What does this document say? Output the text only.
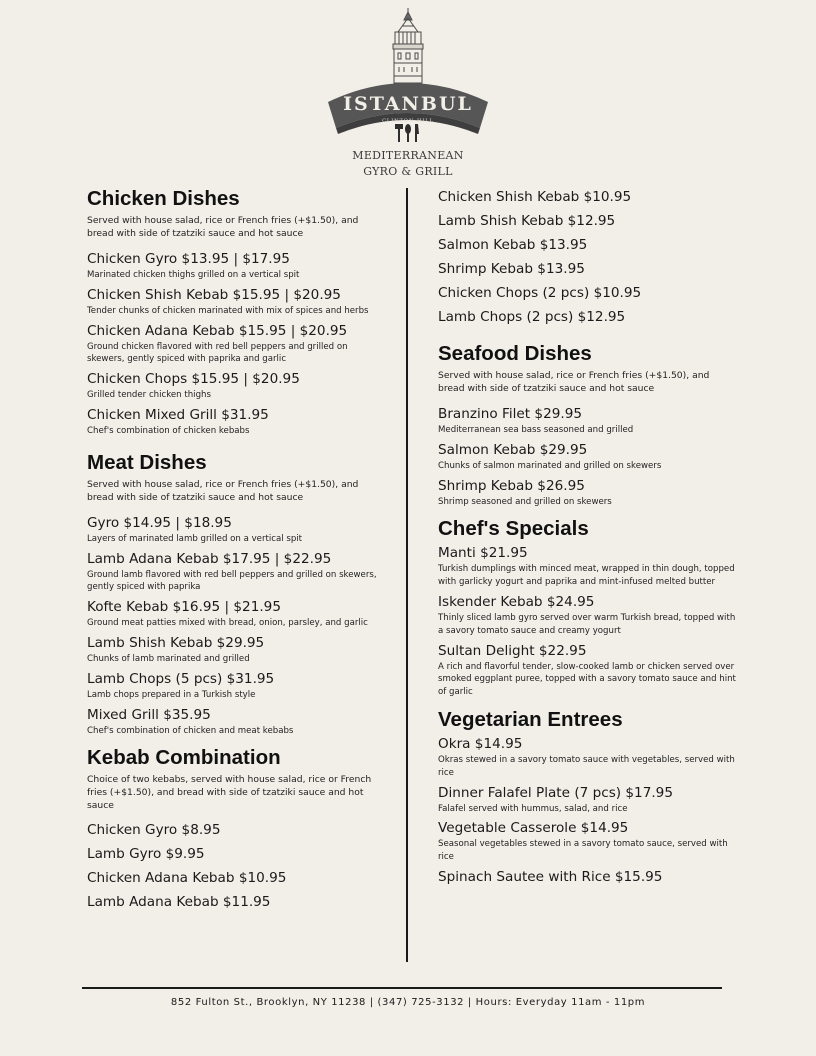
ISTANBUL
CLINTON HILL
MEDITERRANEAN
GYRO & GRILL
Chicken Dishes

Served with house salad, rice or French fries (+$1.50), and bread with side of tzatziki sauce and hot sauce

Chicken Gyro $13.95 | $17.95

Marinated chicken thighs grilled on a vertical spit

Chicken Shish Kebab $15.95 | $20.95

Tender chunks of chicken marinated with mix of spices and herbs

Chicken Adana Kebab $15.95 | $20.95

Ground chicken flavored with red bell peppers and grilled on skewers, gently spiced with paprika and garlic

Chicken Chops $15.95 | $20.95

Grilled tender chicken thighs

Chicken Mixed Grill $31.95

Chef's combination of chicken kebabs

Meat Dishes

Served with house salad, rice or French fries (+$1.50), and bread with side of tzatziki sauce and hot sauce

Gyro $14.95 | $18.95

Layers of marinated lamb grilled on a vertical spit

Lamb Adana Kebab $17.95 | $22.95

Ground lamb flavored with red bell peppers and grilled on skewers, gently spiced with paprika

Kofte Kebab $16.95 | $21.95

Ground meat patties mixed with bread, onion, parsley, and garlic

Lamb Shish Kebab $29.95

Chunks of lamb marinated and grilled

Lamb Chops (5 pcs) $31.95

Lamb chops prepared in a Turkish style

Mixed Grill $35.95

Chef's combination of chicken and meat kebabs

Kebab Combination

Choice of two kebabs, served with house salad, rice or French fries (+$1.50), and bread with side of tzatziki sauce and hot sauce

Chicken Gyro $8.95

Lamb Gyro $9.95

Chicken Adana Kebab $10.95

Lamb Adana Kebab $11.95

Chicken Shish Kebab $10.95

Lamb Shish Kebab $12.95

Salmon Kebab $13.95

Shrimp Kebab $13.95

Chicken Chops (2 pcs) $10.95

Lamb Chops (2 pcs) $12.95

Seafood Dishes

Served with house salad, rice or French fries (+$1.50), and bread with side of tzatziki sauce and hot sauce

Branzino Filet $29.95

Mediterranean sea bass seasoned and grilled

Salmon Kebab $29.95

Chunks of salmon marinated and grilled on skewers

Shrimp Kebab $26.95

Shrimp seasoned and grilled on skewers

Chef's Specials

Manti $21.95

Turkish dumplings with minced meat, wrapped in thin dough, topped with garlicky yogurt and paprika and mint-infused melted butter

Iskender Kebab $24.95

Thinly sliced lamb gyro served over warm Turkish bread, topped with a savory tomato sauce and creamy yogurt

Sultan Delight $22.95

A rich and flavorful tender, slow-cooked lamb or chicken served over smoked eggplant puree, topped with a savory tomato sauce and hint of garlic

Vegetarian Entrees

Okra $14.95

Okras stewed in a savory tomato sauce with vegetables, served with rice

Dinner Falafel Plate (7 pcs) $17.95

Falafel served with hummus, salad, and rice

Vegetable Casserole $14.95

Seasonal vegetables stewed in a savory tomato sauce, served with rice

Spinach Sautee with Rice $15.95

852 Fulton St., Brooklyn, NY 11238 | (347) 725-3132 | Hours: Everyday 11am - 11pm
